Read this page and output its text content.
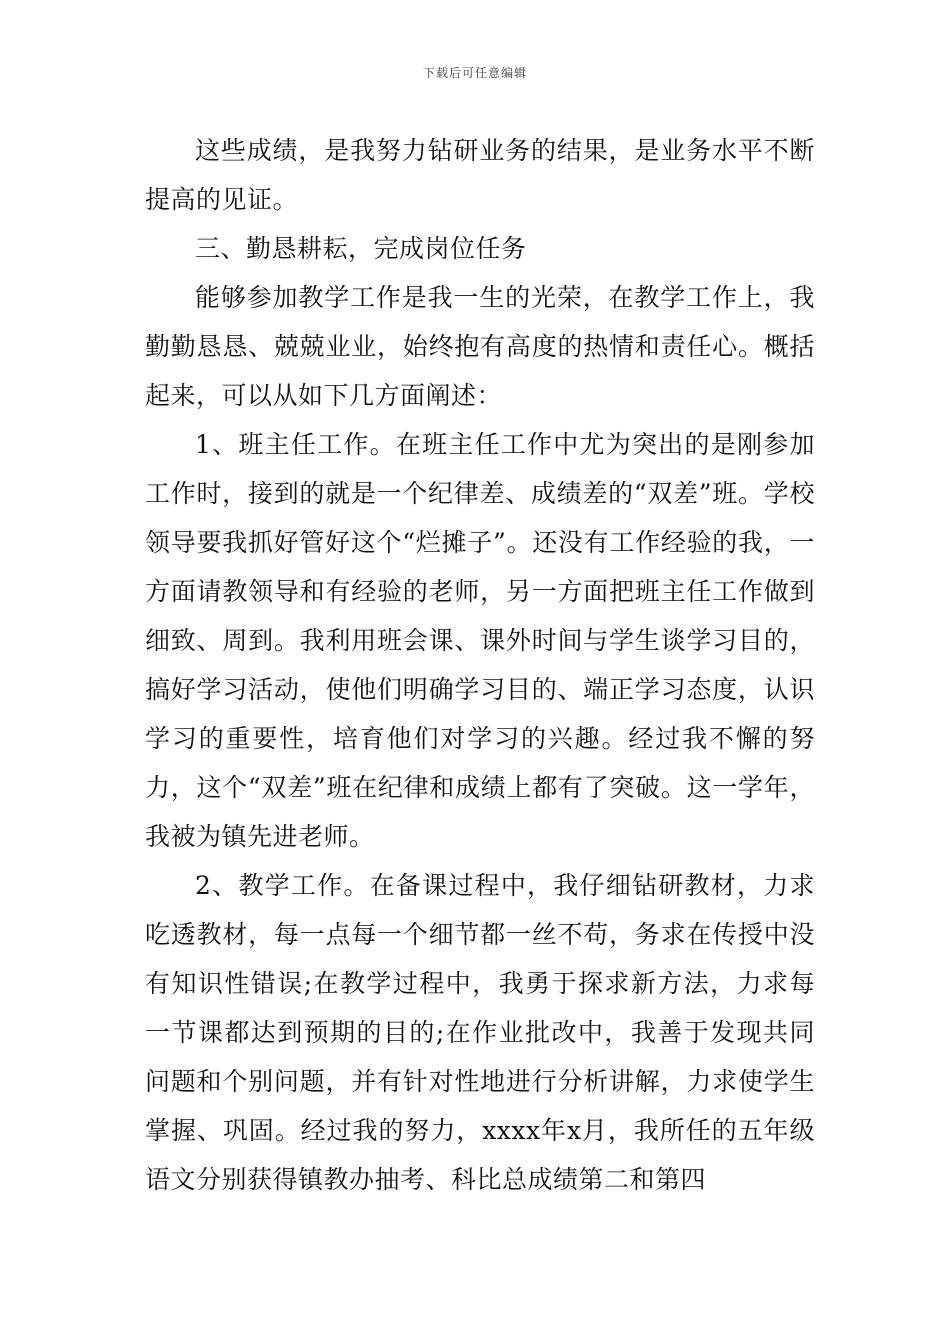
下载后可任意编辑

这些成绩，是我努力钻研业务的结果，是业务水平不断提高的见证。

三、勤恳耕耘，完成岗位任务

能够参加教学工作是我一生的光荣，在教学工作上，我勤勤恳恳、兢兢业业，始终抱有高度的热情和责任心。概括起来，可以从如下几方面阐述：

1、班主任工作。在班主任工作中尤为突出的是刚参加工作时，接到的就是一个纪律差、成绩差的“双差”班。学校领导要我抓好管好这个“烂摊子”。还没有工作经验的我，一方面请教领导和有经验的老师，另一方面把班主任工作做到细致、周到。我利用班会课、课外时间与学生谈学习目的，搞好学习活动，使他们明确学习目的、端正学习态度，认识学习的重要性，培育他们对学习的兴趣。经过我不懈的努力，这个“双差”班在纪律和成绩上都有了突破。这一学年，我被为镇先进老师。

2、教学工作。在备课过程中，我仔细钻研教材，力求吃透教材，每一点每一个细节都一丝不苟，务求在传授中没有知识性错误;在教学过程中，我勇于探求新方法，力求每一节课都达到预期的目的;在作业批改中，我善于发现共同问题和个别问题，并有针对性地进行分析讲解，力求使学生掌握、巩固。经过我的努力，xxxx年x月，我所任的五年级语文分别获得镇教办抽考、科比总成绩第二和第四
